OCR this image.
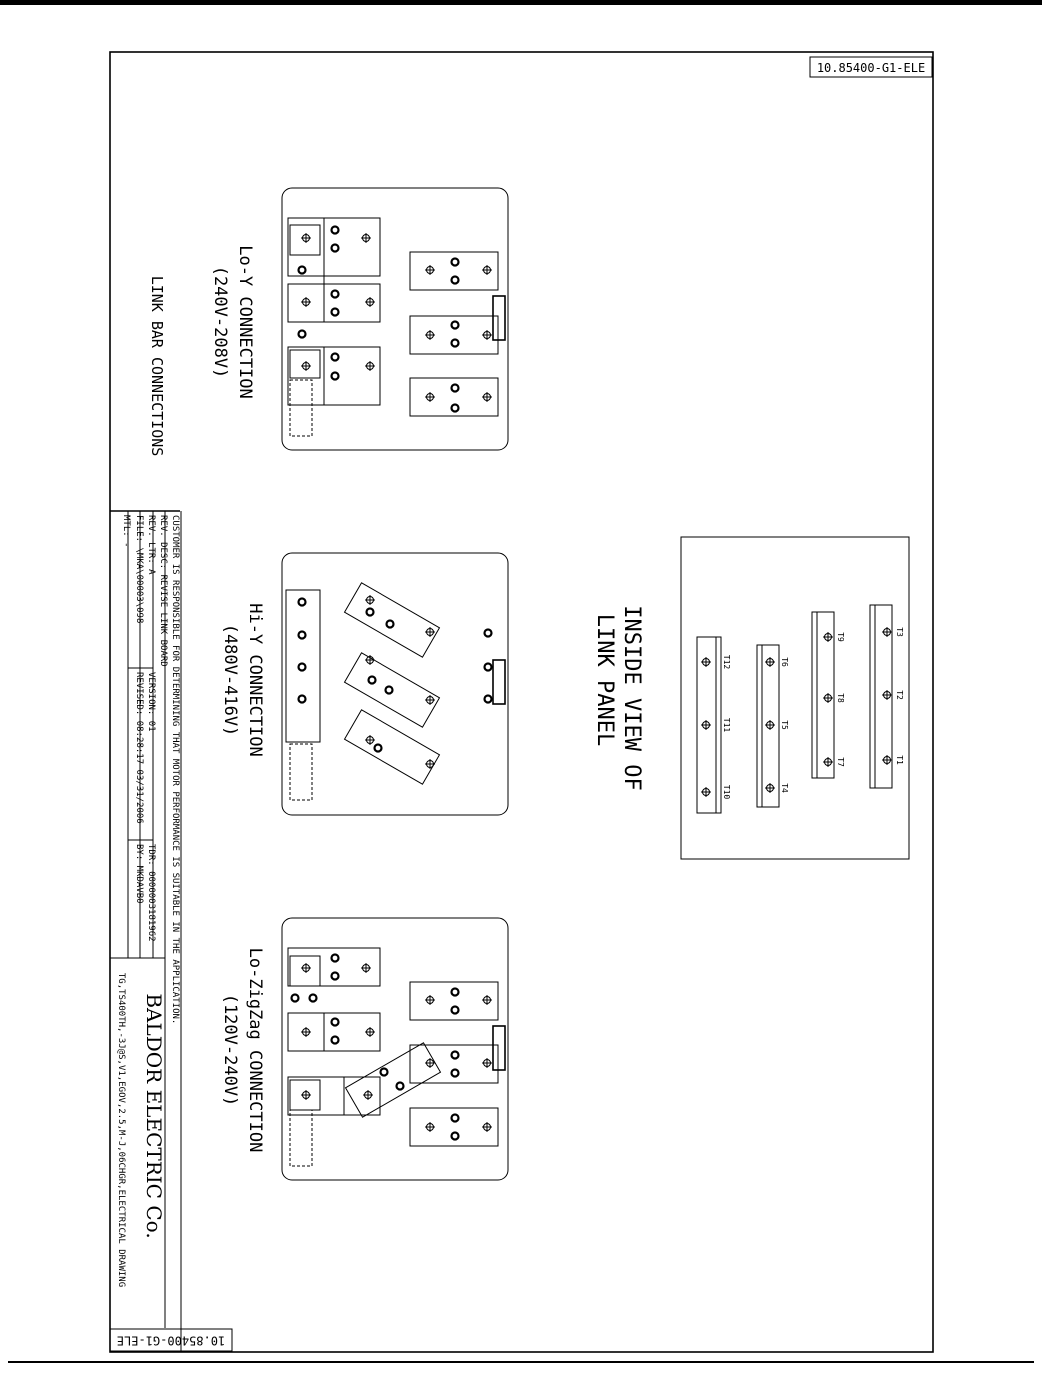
10.85400-G1-ELE
10.85400-G1-ELE
LINK BAR CONNECTIONS	Lo-Y CONNECTION
(240V-208V)
Hi-Y CONNECTION
(480V-416V)
Lo-ZigZag CONNECTION
(120V-240V)
INSIDE VIEW OF
LINK PANEL	T3
T2
T1
T9
T8
T7
T6
T5
T4
T12
T11
T10
CUSTOMER IS RESPONSIBLE FOR DETERMINING THAT MOTOR PERFORMANCE IS SUITABLE IN THE APPLICATION.
REV. DESC: REVISE LINK BOARD
REV. LTR: A
VERSION: 01
TDR: 0000003181962
FILE: \MKA\00003\098
REVISED: 08:28:17 03/31/2006
BY: MKDAVB0
MTL: -
BALDOR ELECTRIC Co.
TG,TS400TH,-3J@S,V1,EGOV,2.5,M-J,06CHGR,ELECTRICAL DRAWING
